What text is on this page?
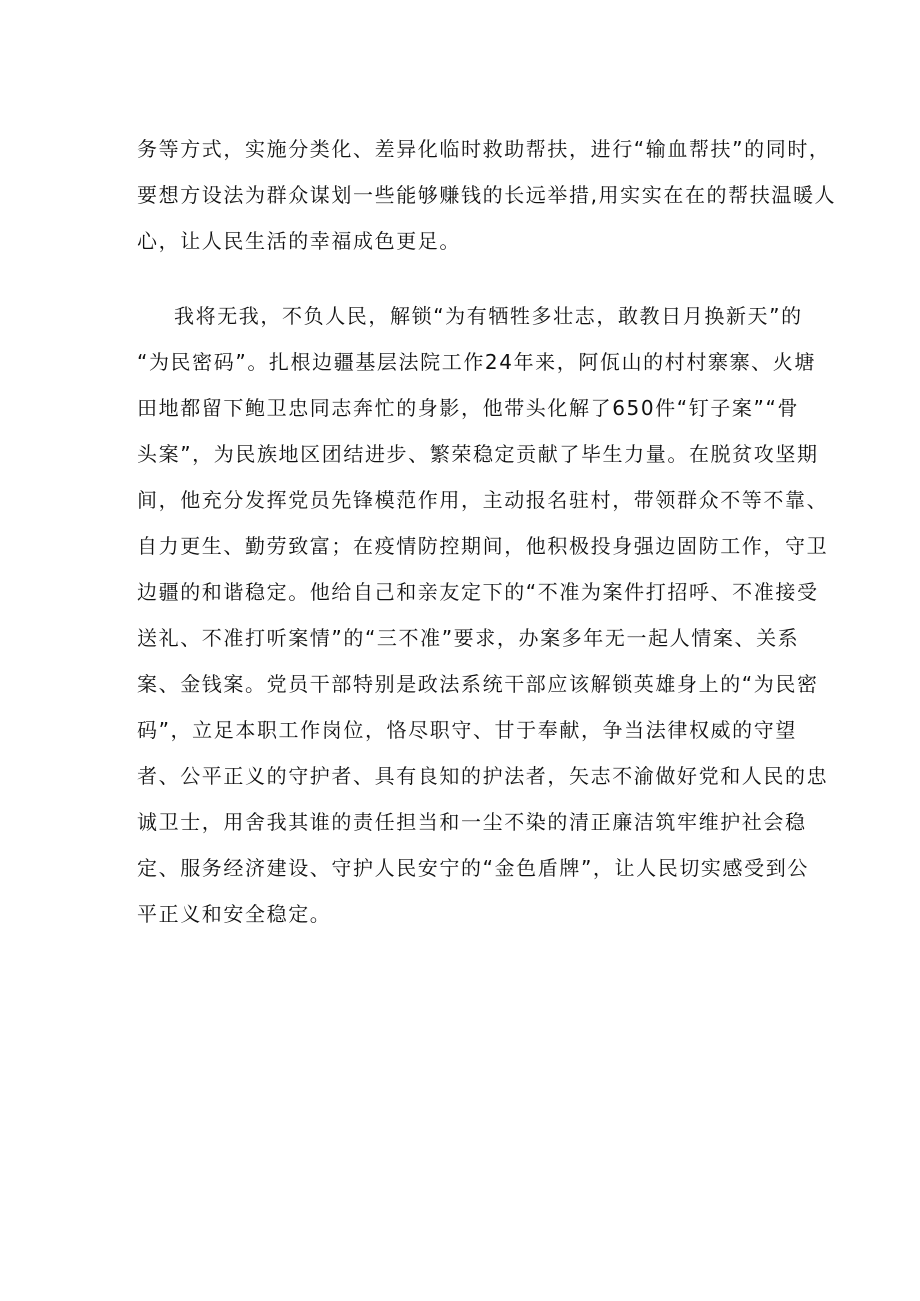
务等方式，实施分类化、差异化临时救助帮扶，进行“输血帮扶”的同时，
要想方设法为群众谋划一些能够赚钱的长远举措,用实实在在的帮扶温暖人
心，让人民生活的幸福成色更足。
我将无我，不负人民，解锁“为有牺牲多壮志，敢教日月换新天”的
“为民密码”。扎根边疆基层法院工作24年来，阿佤山的村村寨寨、火塘
田地都留下鲍卫忠同志奔忙的身影，他带头化解了650件“钉子案”“骨
头案”，为民族地区团结进步、繁荣稳定贡献了毕生力量。在脱贫攻坚期
间，他充分发挥党员先锋模范作用，主动报名驻村，带领群众不等不靠、
自力更生、勤劳致富；在疫情防控期间，他积极投身强边固防工作，守卫
边疆的和谐稳定。他给自己和亲友定下的“不准为案件打招呼、不准接受
送礼、不准打听案情”的“三不准”要求，办案多年无一起人情案、关系
案、金钱案。党员干部特别是政法系统干部应该解锁英雄身上的“为民密
码”，立足本职工作岗位，恪尽职守、甘于奉献，争当法律权威的守望
者、公平正义的守护者、具有良知的护法者，矢志不渝做好党和人民的忠
诚卫士，用舍我其谁的责任担当和一尘不染的清正廉洁筑牢维护社会稳
定、服务经济建设、守护人民安宁的“金色盾牌”，让人民切实感受到公
平正义和安全稳定。
